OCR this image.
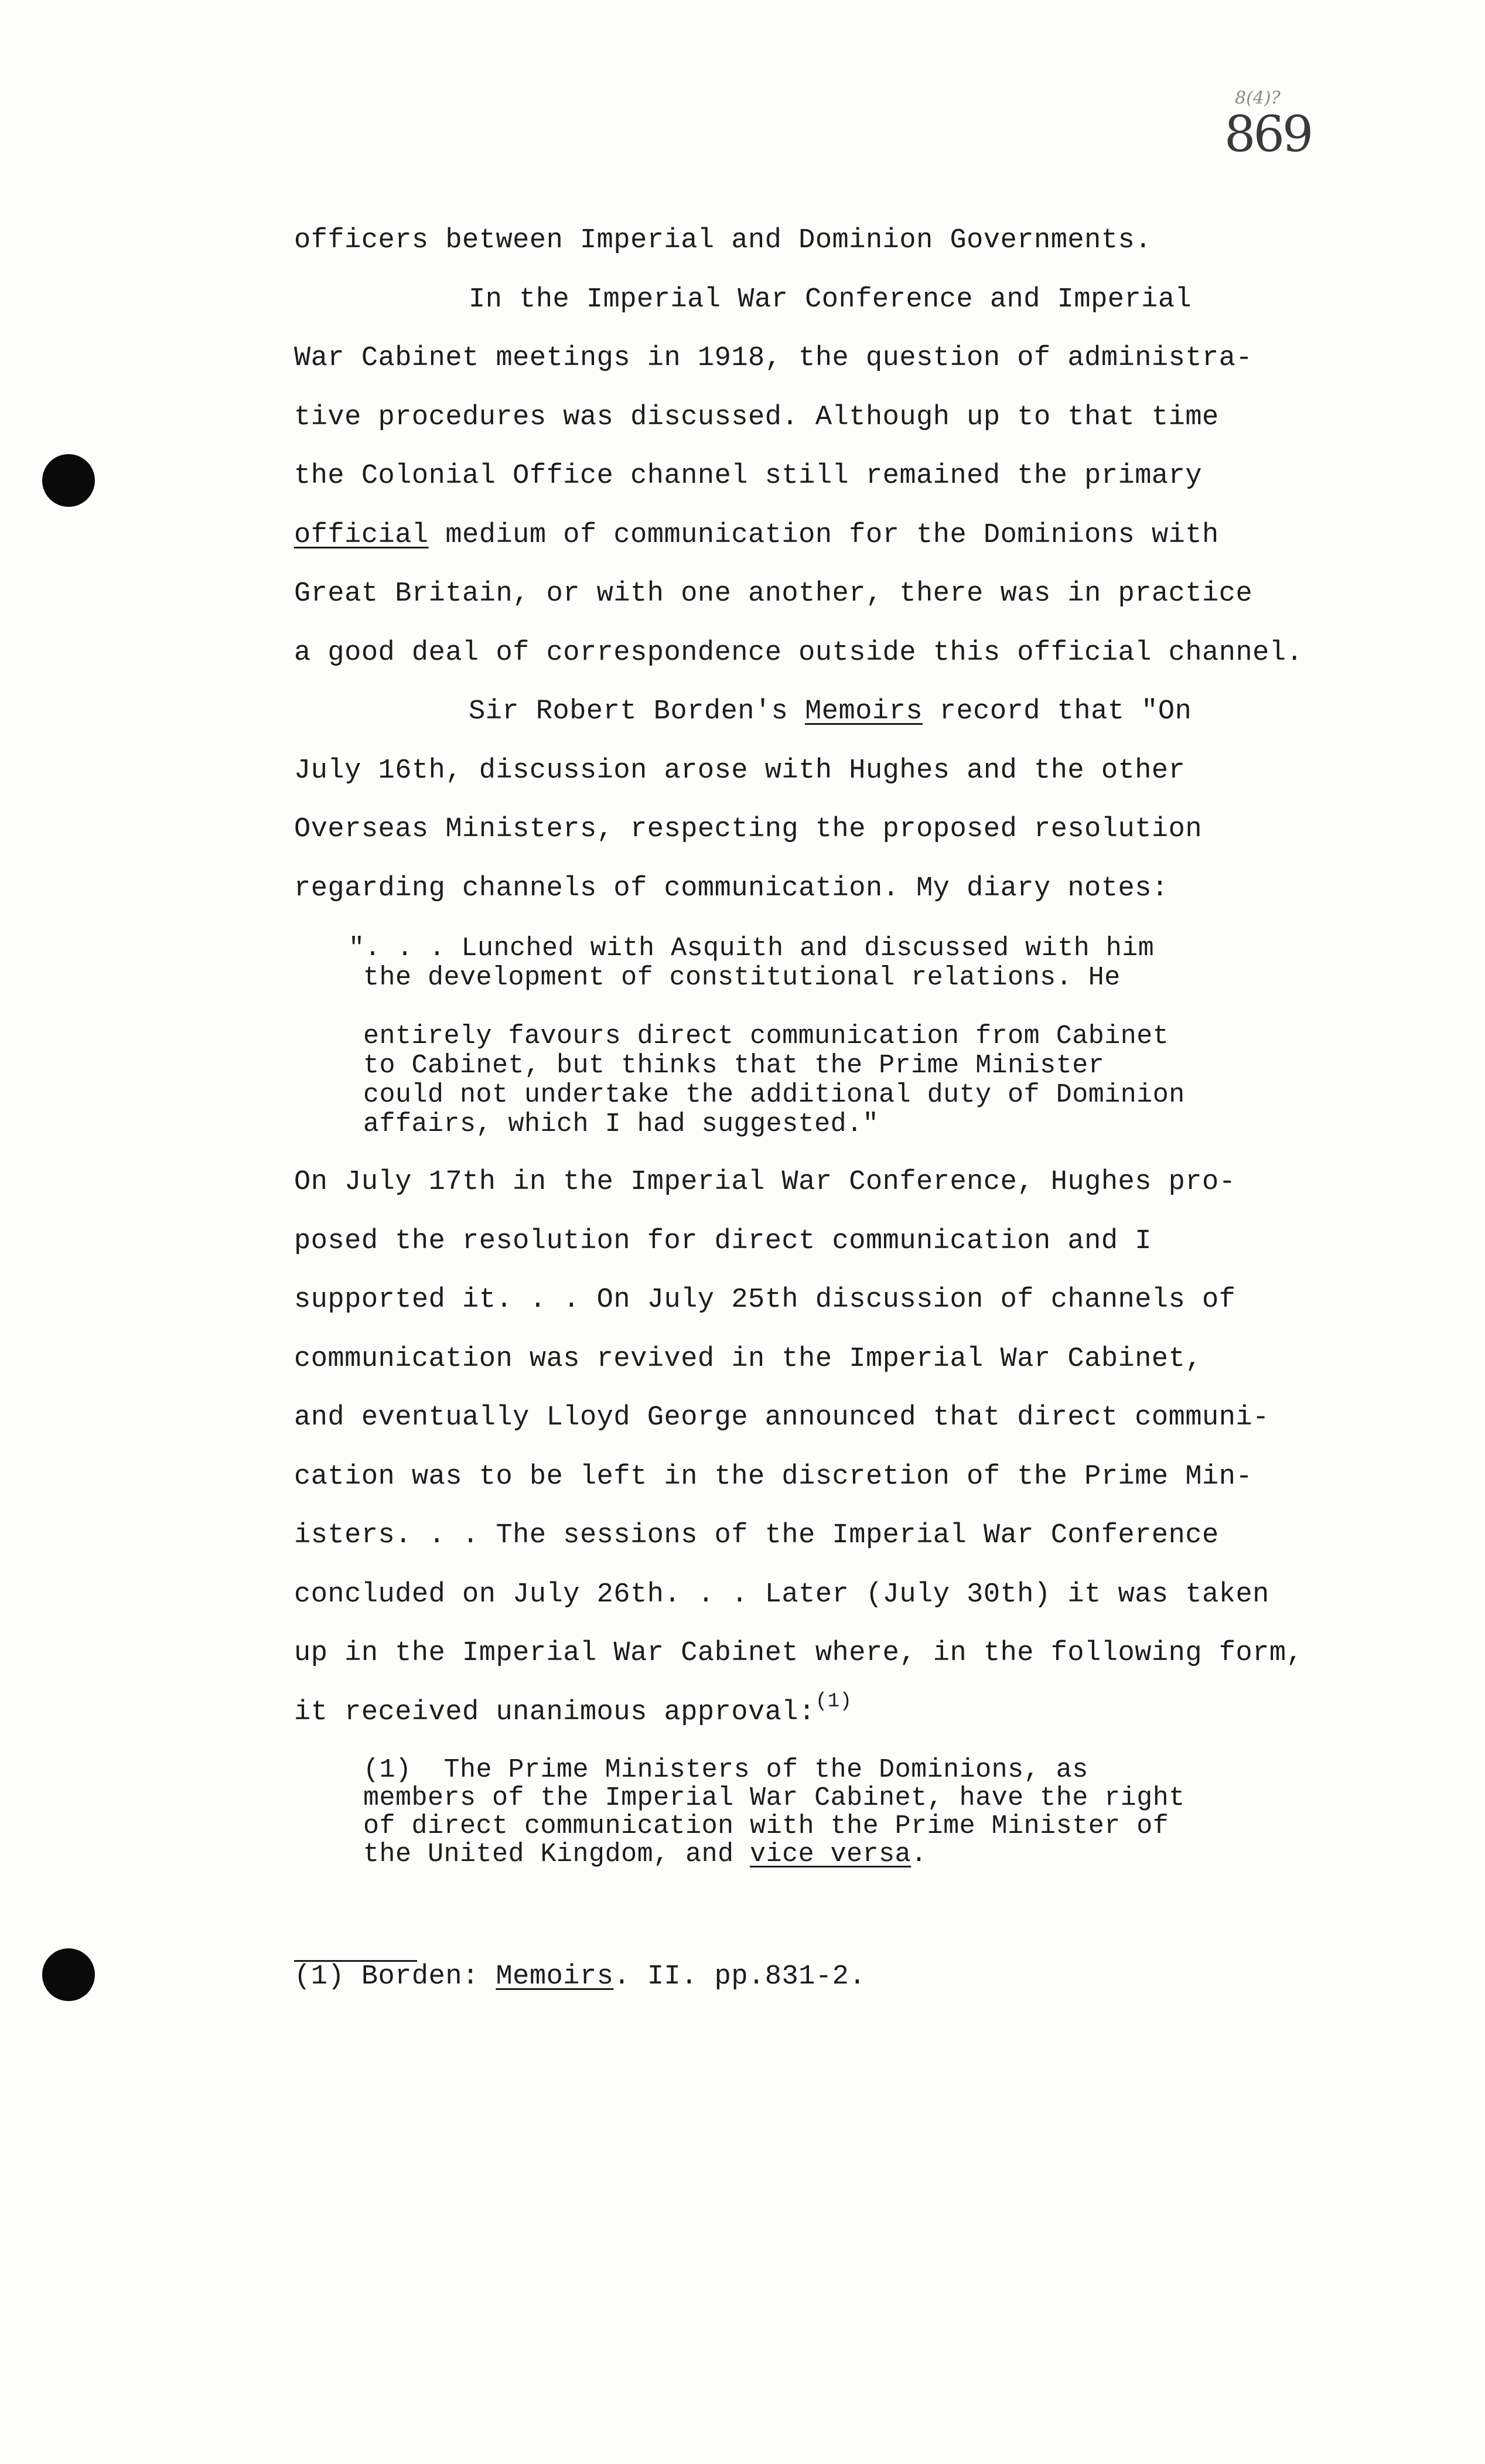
8(4)?
869
officers between Imperial and Dominion Governments.
In the Imperial War Conference and Imperial
War Cabinet meetings in 1918, the question of administra-
tive procedures was discussed. Although up to that time
the Colonial Office channel still remained the primary
official medium of communication for the Dominions with
Great Britain, or with one another, there was in practice
a good deal of correspondence outside this official channel.
Sir Robert Borden's Memoirs record that "On
July 16th, discussion arose with Hughes and the other
Overseas Ministers, respecting the proposed resolution
regarding channels of communication. My diary notes:
". . . Lunched with Asquith and discussed with him
the development of constitutional relations. He
entirely favours direct communication from Cabinet
to Cabinet, but thinks that the Prime Minister
could not undertake the additional duty of Dominion
affairs, which I had suggested."
On July 17th in the Imperial War Conference, Hughes pro-
posed the resolution for direct communication and I
supported it. . . On July 25th discussion of channels of
communication was revived in the Imperial War Cabinet,
and eventually Lloyd George announced that direct communi-
cation was to be left in the discretion of the Prime Min-
isters. . . The sessions of the Imperial War Conference
concluded on July 26th. . . Later (July 30th) it was taken
up in the Imperial War Cabinet where, in the following form,
it received unanimous approval:$^{(1)}$
(1)  The Prime Ministers of the Dominions, as
members of the Imperial War Cabinet, have the right
of direct communication with the Prime Minister of
the United Kingdom, and vice versa.
(1) Borden: Memoirs. II. pp.831-2.
